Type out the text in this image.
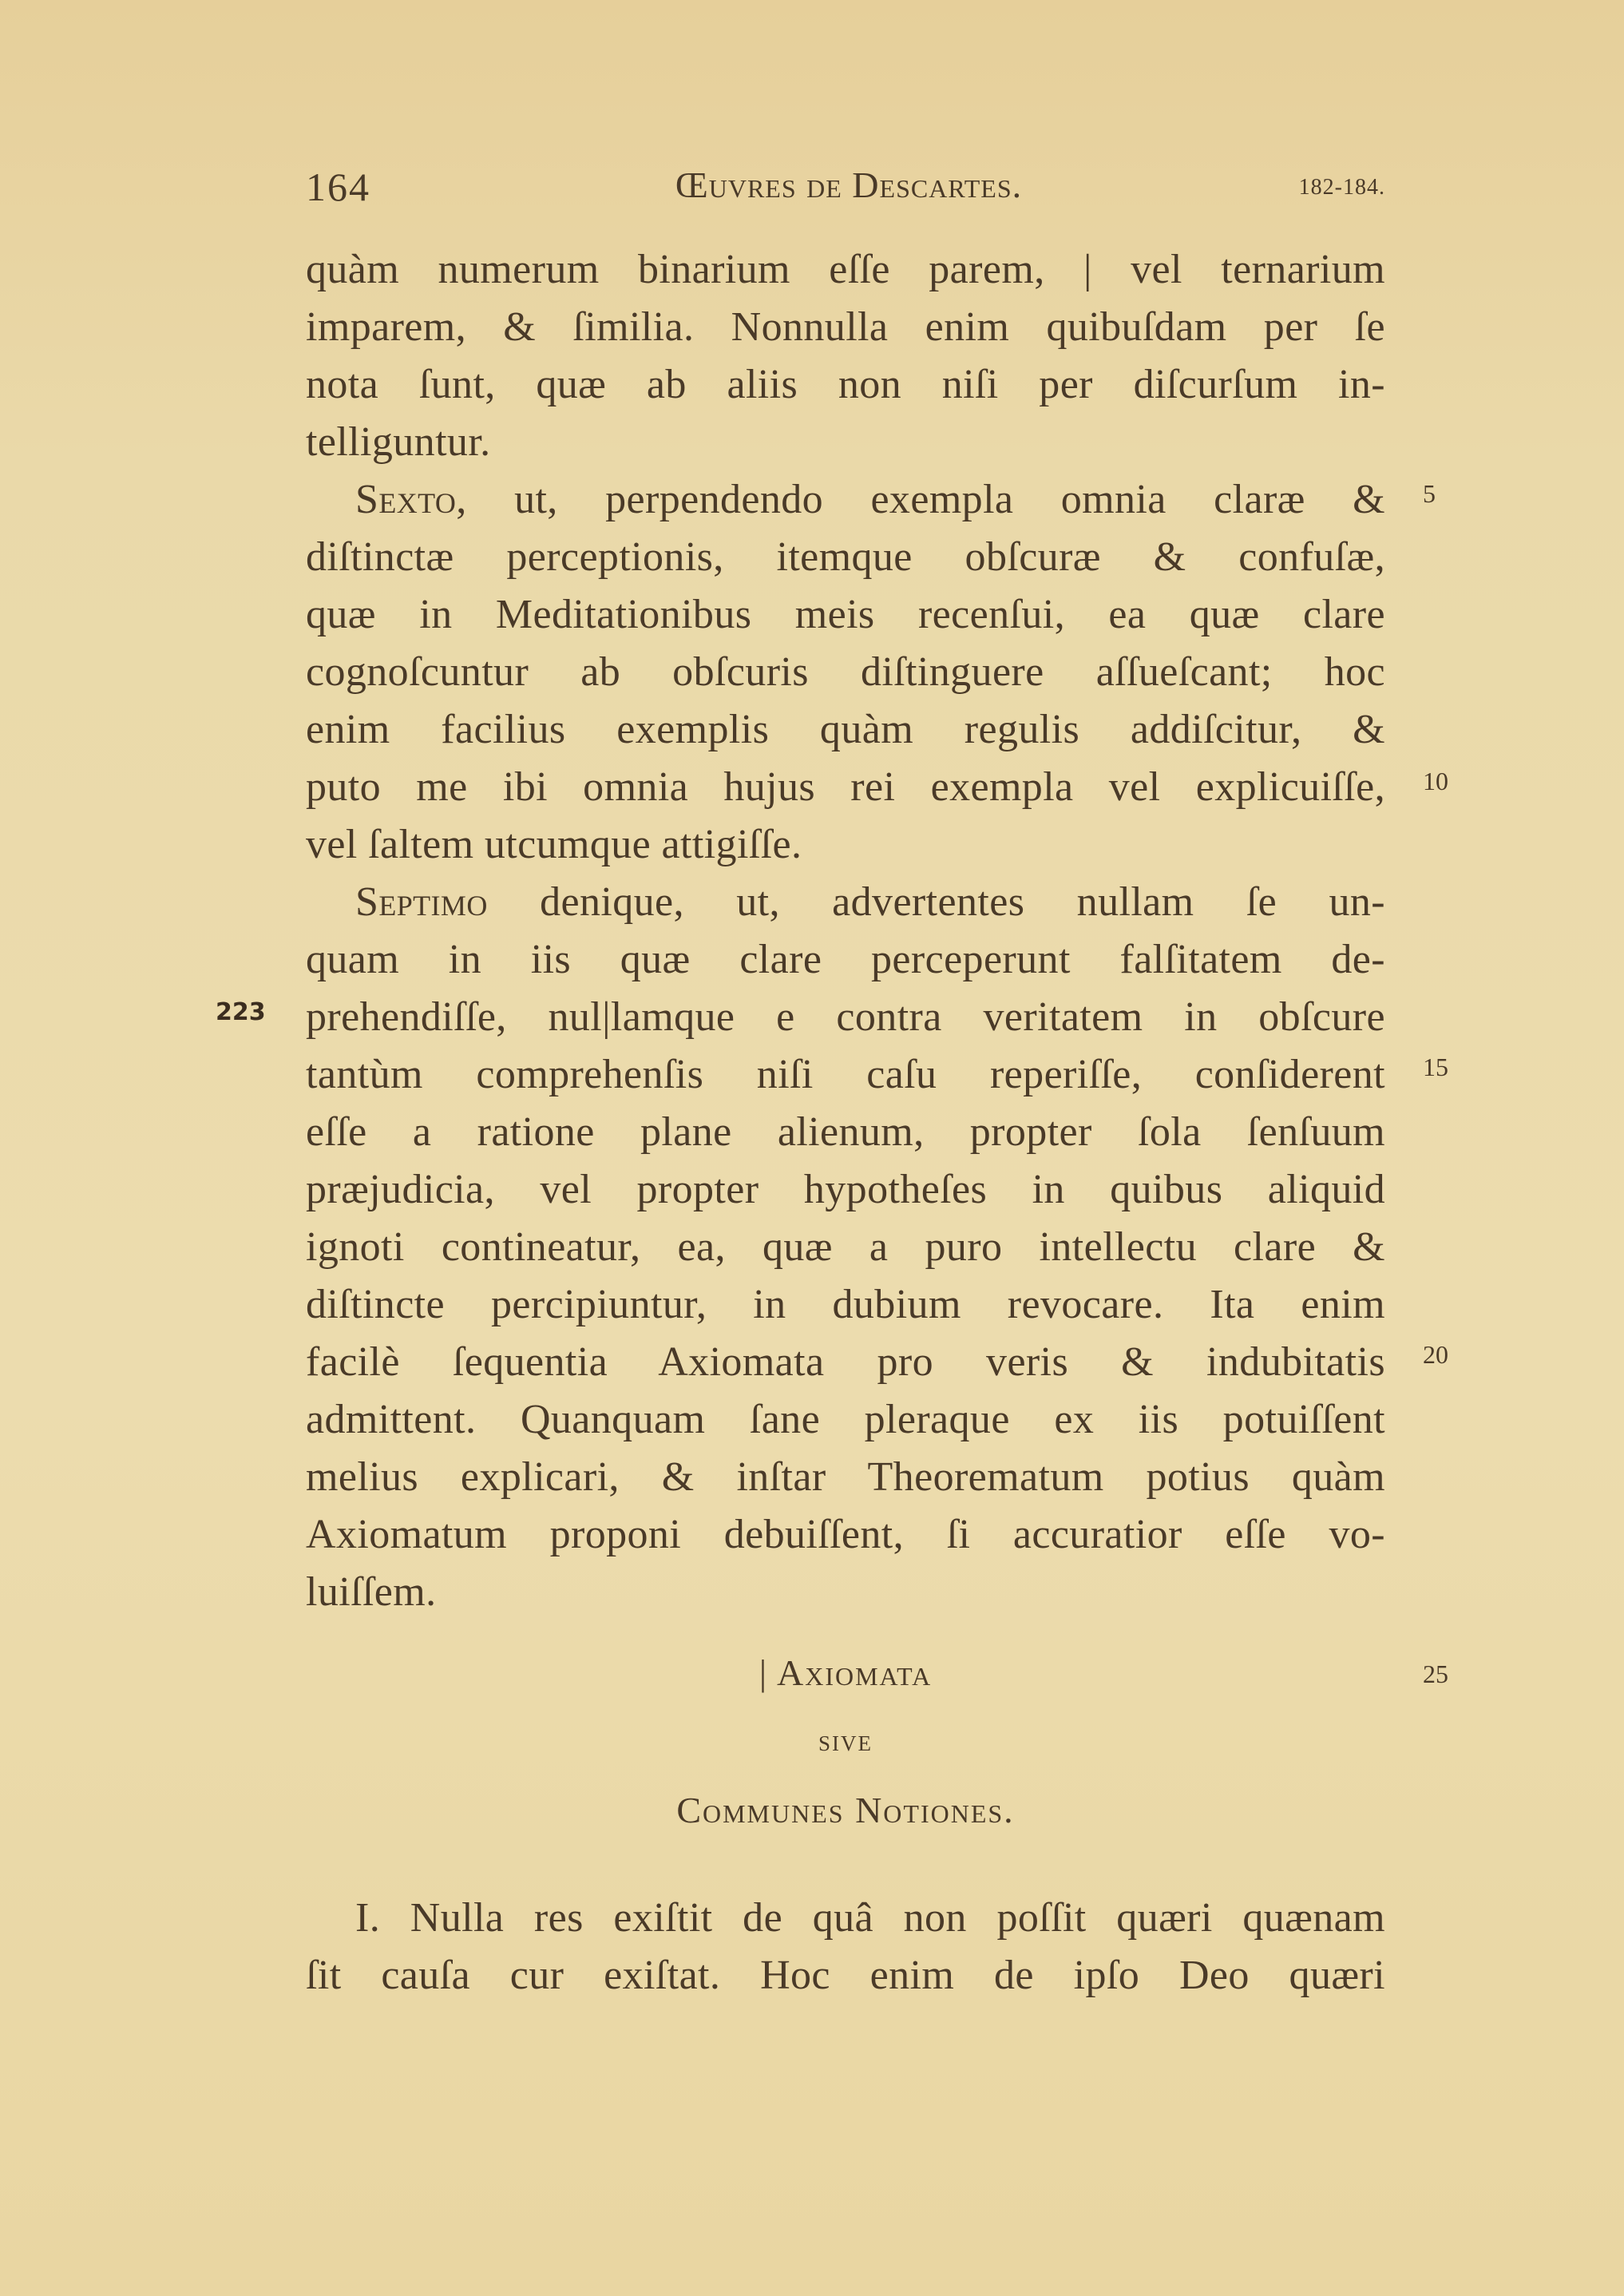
164	Œuvres de Descartes.	182-184.
quàm numerum binarium eſſe parem, | vel ternarium
imparem, & ſimilia. Nonnulla enim quibuſdam per ſe
nota ſunt, quæ ab aliis non niſi per diſcurſum in-
telliguntur.
Sexto, ut, perpendendo exempla omnia claræ &
diſtinctæ perceptionis, itemque obſcuræ & confuſæ,
quæ in Meditationibus meis recenſui, ea quæ clare
cognoſcuntur ab obſcuris diſtinguere aſſueſcant; hoc
enim facilius exemplis quàm regulis addiſcitur, &
puto me ibi omnia hujus rei exempla vel explicuiſſe,
vel ſaltem utcumque attigiſſe.
Septimo denique, ut, advertentes nullam ſe un-
quam in iis quæ clare perceperunt falſitatem de-
prehendiſſe, nul|lamque e contra veritatem in obſcure
tantùm comprehenſis niſi caſu reperiſſe, conſiderent
eſſe a ratione plane alienum, propter ſola ſenſuum
præjudicia, vel propter hypotheſes in quibus aliquid
ignoti contineatur, ea, quæ a puro intellectu clare &
diſtincte percipiuntur, in dubium revocare. Ita enim
facilè ſequentia Axiomata pro veris & indubitatis
admittent. Quanquam ſane pleraque ex iis potuiſſent
melius explicari, & inſtar Theorematum potius quàm
Axiomatum proponi debuiſſent, ſi accuratior eſſe vo-
luiſſem.
| Axiomata
sive
Communes Notiones.
I. Nulla res exiſtit de quâ non poſſit quæri quænam
ſit cauſa cur exiſtat. Hoc enim de ipſo Deo quæri
5
10
15
20
25
223
